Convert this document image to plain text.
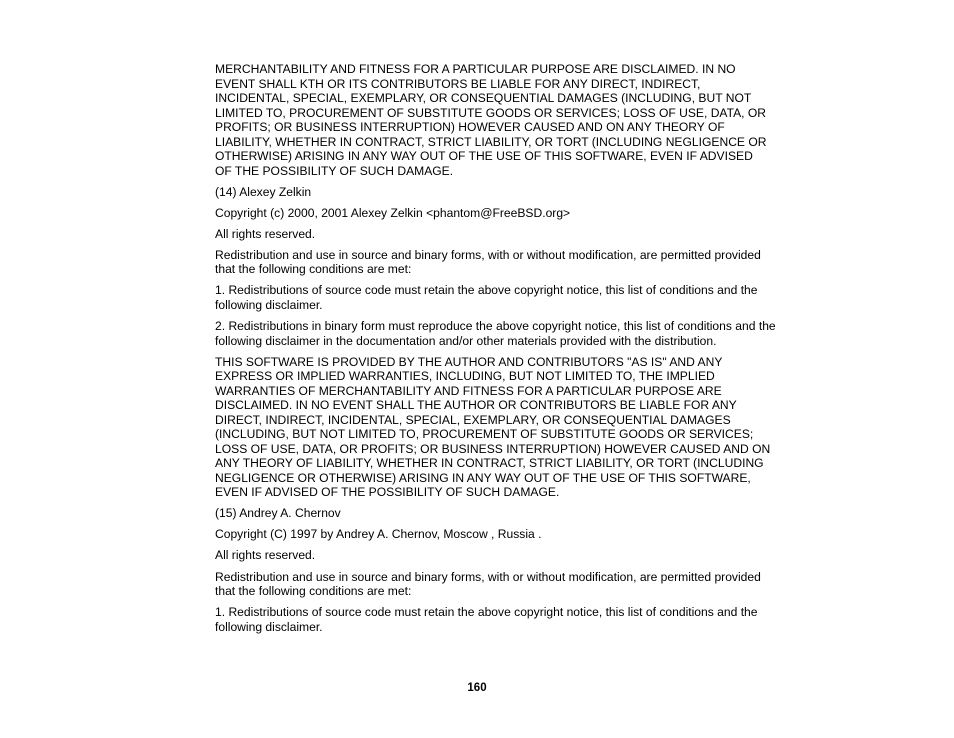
MERCHANTABILITY AND FITNESS FOR A PARTICULAR PURPOSE ARE DISCLAIMED. IN NO
EVENT SHALL KTH OR ITS CONTRIBUTORS BE LIABLE FOR ANY DIRECT, INDIRECT,
INCIDENTAL, SPECIAL, EXEMPLARY, OR CONSEQUENTIAL DAMAGES (INCLUDING, BUT NOT
LIMITED TO, PROCUREMENT OF SUBSTITUTE GOODS OR SERVICES; LOSS OF USE, DATA, OR
PROFITS; OR BUSINESS INTERRUPTION) HOWEVER CAUSED AND ON ANY THEORY OF
LIABILITY, WHETHER IN CONTRACT, STRICT LIABILITY, OR TORT (INCLUDING NEGLIGENCE OR
OTHERWISE) ARISING IN ANY WAY OUT OF THE USE OF THIS SOFTWARE, EVEN IF ADVISED
OF THE POSSIBILITY OF SUCH DAMAGE.
(14) Alexey Zelkin
Copyright (c) 2000, 2001 Alexey Zelkin <phantom@FreeBSD.org>
All rights reserved.
Redistribution and use in source and binary forms, with or without modification, are permitted provided
that the following conditions are met:
1. Redistributions of source code must retain the above copyright notice, this list of conditions and the
following disclaimer.
2. Redistributions in binary form must reproduce the above copyright notice, this list of conditions and the
following disclaimer in the documentation and/or other materials provided with the distribution.
THIS SOFTWARE IS PROVIDED BY THE AUTHOR AND CONTRIBUTORS "AS IS" AND ANY
EXPRESS OR IMPLIED WARRANTIES, INCLUDING, BUT NOT LIMITED TO, THE IMPLIED
WARRANTIES OF MERCHANTABILITY AND FITNESS FOR A PARTICULAR PURPOSE ARE
DISCLAIMED. IN NO EVENT SHALL THE AUTHOR OR CONTRIBUTORS BE LIABLE FOR ANY
DIRECT, INDIRECT, INCIDENTAL, SPECIAL, EXEMPLARY, OR CONSEQUENTIAL DAMAGES
(INCLUDING, BUT NOT LIMITED TO, PROCUREMENT OF SUBSTITUTE GOODS OR SERVICES;
LOSS OF USE, DATA, OR PROFITS; OR BUSINESS INTERRUPTION) HOWEVER CAUSED AND ON
ANY THEORY OF LIABILITY, WHETHER IN CONTRACT, STRICT LIABILITY, OR TORT (INCLUDING
NEGLIGENCE OR OTHERWISE) ARISING IN ANY WAY OUT OF THE USE OF THIS SOFTWARE,
EVEN IF ADVISED OF THE POSSIBILITY OF SUCH DAMAGE.
(15) Andrey A. Chernov
Copyright (C) 1997 by Andrey A. Chernov, Moscow , Russia .
All rights reserved.
Redistribution and use in source and binary forms, with or without modification, are permitted provided
that the following conditions are met:
1. Redistributions of source code must retain the above copyright notice, this list of conditions and the
following disclaimer.
160
